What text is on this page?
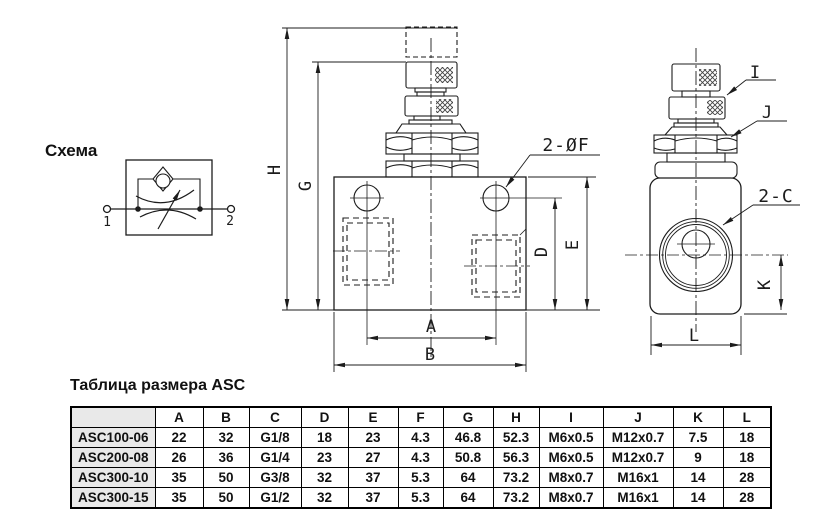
Схема
1	2
H
G
D
E
A
B
2-ØF
K
L
I
J
2-C
Таблица размера ASC
	A	B	C	D	E	F	G	H	I	J	K	L
ASC100-06	22	32	G1/8	18	23	4.3	46.8	52.3	M6x0.5	M12x0.7	7.5	18
ASC200-08	26	36	G1/4	23	27	4.3	50.8	56.3	M6x0.5	M12x0.7	9	18
ASC300-10	35	50	G3/8	32	37	5.3	64	73.2	M8x0.7	M16x1	14	28
ASC300-15	35	50	G1/2	32	37	5.3	64	73.2	M8x0.7	M16x1	14	28
